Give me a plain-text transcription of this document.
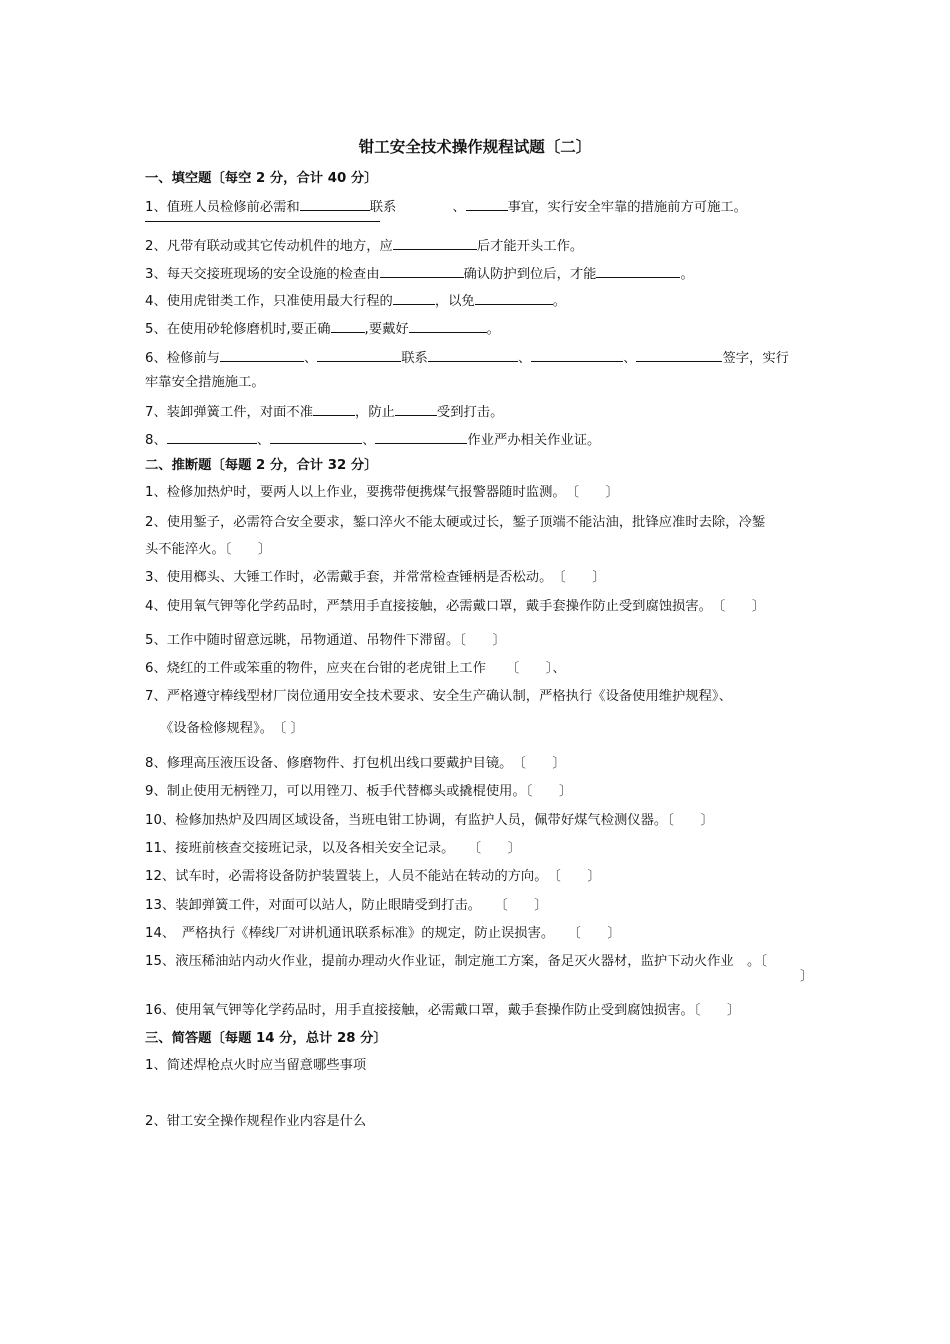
钳工安全技术操作规程试题〔二〕
一、填空题〔每空 2 分，合计 40 分〕
1、值班人员检修前必需和	联系	、	事宜，实行安全牢靠的措施前方可施工。
2、凡带有联动或其它传动机件的地方，应	后才能开头工作。
3、每天交接班现场的安全设施的检查由	确认防护到位后，才能	。
4、使用虎钳类工作，只准使用最大行程的	，以免	。
5、在使用砂轮修磨机时,要正确	,要戴好	。
6、检修前与	、	联系	、	、	签字，实行
牢靠安全措施施工。
7、装卸弹簧工件，对面不准	，防止	受到打击。
8、	、	、	作业严办相关作业证。
二、推断题〔每题 2 分，合计 32 分〕
1、检修加热炉时，要两人以上作业，要携带便携煤气报警器随时监测。　〔　　〕
2、使用錾子，必需符合安全要求，錾口淬火不能太硬或过长，錾子顶端不能沾油，批锋应准时去除，冷錾
头不能淬火。〔　　〕
3、使用榔头、大锤工作时，必需戴手套，并常常检查锤柄是否松动。　〔　　〕
4、使用氧气钾等化学药品时，严禁用手直接接触，必需戴口罩，戴手套操作防止受到腐蚀损害。　〔　　〕
5、工作中随时留意远眺，吊物通道、吊物件下滞留。〔　　〕
6、烧红的工件或笨重的物件，应夹在台钳的老虎钳上工作　　〔　　〕、
7、严格遵守棒线型材厂岗位通用安全技术要求、安全生产确认制，严格执行《设备使用维护规程》、
《设备检修规程》。　〔 〕
8、修理高压液压设备、修磨物件、打包机出线口要戴护目镜。　〔　　〕
9、制止使用无柄锉刀，可以用锉刀、板手代替榔头或撬棍使用。〔　　〕
10、检修加热炉及四周区域设备，当班电钳工协调，有监护人员，佩带好煤气检测仪器。〔　　〕
11、接班前核查交接班记录，以及各相关安全记录。　　〔　　〕
12、试车时，必需将设备防护装置装上，人员不能站在转动的方向。　〔　　〕
13、装卸弹簧工件，对面可以站人，防止眼睛受到打击。　　〔　　〕
14、　严格执行《棒线厂对讲机通讯联系标准》的规定，防止误损害。　　〔　　〕
15、液压稀油站内动火作业，提前办理动火作业证，制定施工方案，备足灭火器材，监护下动火作业　。〔
〕
16、使用氧气钾等化学药品时，用手直接接触，必需戴口罩，戴手套操作防止受到腐蚀损害。〔　　〕
三、简答题〔每题 14 分，总计 28 分〕
1、简述焊枪点火时应当留意哪些事项
2、钳工安全操作规程作业内容是什么
